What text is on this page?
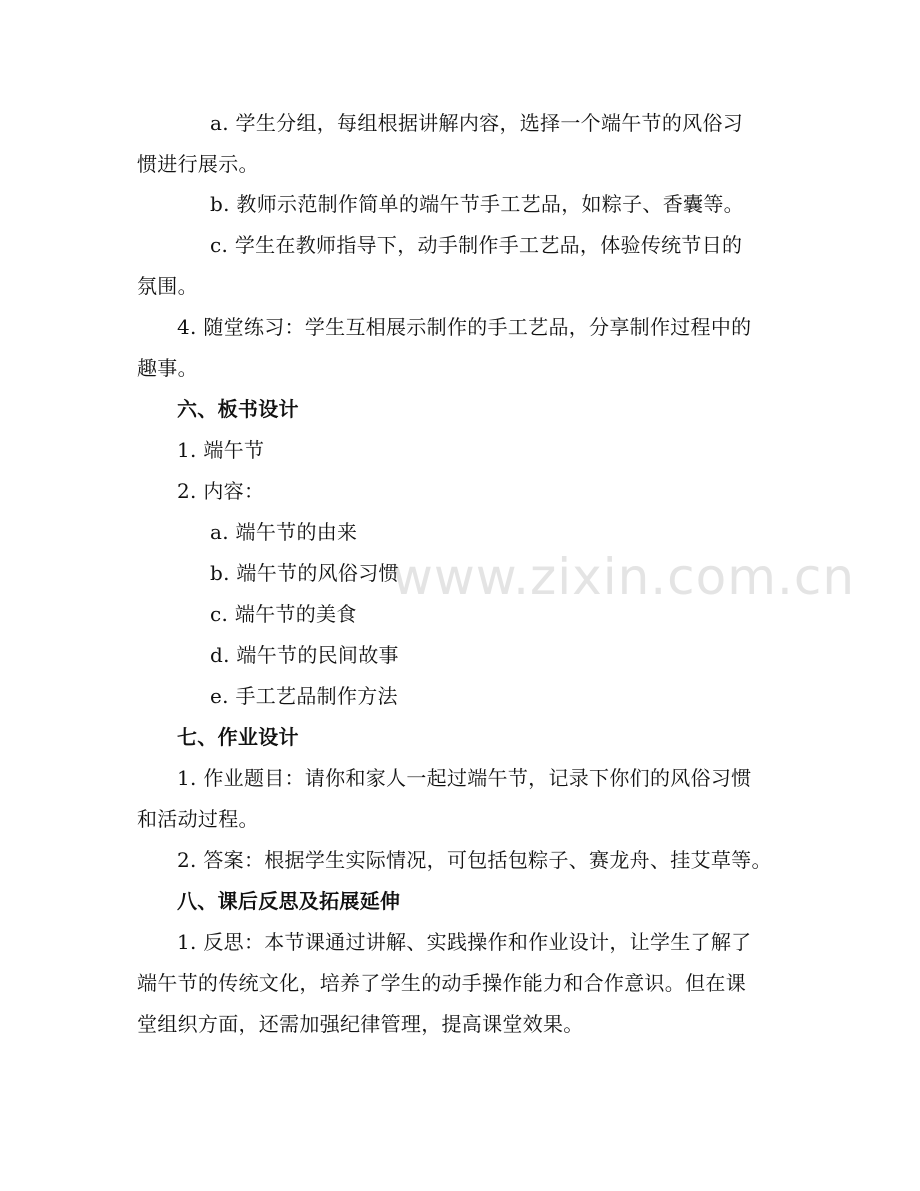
www.zixin.com.cn
a. 学生分组，每组根据讲解内容，选择一个端午节的风俗习
惯进行展示。
b. 教师示范制作简单的端午节手工艺品，如粽子、香囊等。
c. 学生在教师指导下，动手制作手工艺品，体验传统节日的
氛围。
4. 随堂练习：学生互相展示制作的手工艺品，分享制作过程中的
趣事。
六、板书设计
1. 端午节
2. 内容：
a. 端午节的由来
b. 端午节的风俗习惯
c. 端午节的美食
d. 端午节的民间故事
e. 手工艺品制作方法
七、作业设计
1. 作业题目：请你和家人一起过端午节，记录下你们的风俗习惯
和活动过程。
2. 答案：根据学生实际情况，可包括包粽子、赛龙舟、挂艾草等。
八、课后反思及拓展延伸
1. 反思：本节课通过讲解、实践操作和作业设计，让学生了解了
端午节的传统文化，培养了学生的动手操作能力和合作意识。但在课
堂组织方面，还需加强纪律管理，提高课堂效果。
